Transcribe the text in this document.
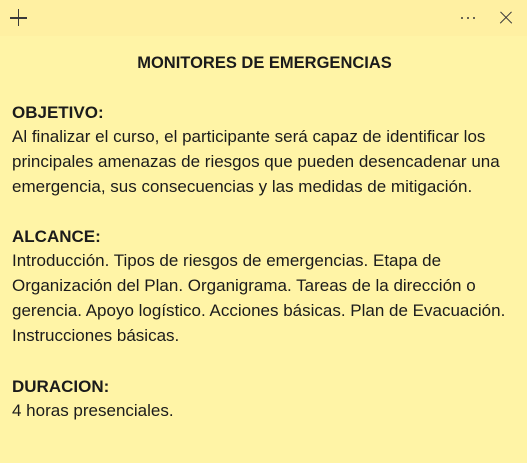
MONITORES DE EMERGENCIAS
OBJETIVO:
Al finalizar el curso, el participante será capaz de identificar los principales amenazas de riesgos que pueden desencadenar una emergencia, sus consecuencias y las medidas de mitigación.
ALCANCE:
Introducción. Tipos de riesgos de emergencias. Etapa de Organización del Plan. Organigrama. Tareas de la dirección o gerencia. Apoyo logístico. Acciones básicas. Plan de Evacuación. Instrucciones básicas.
DURACION:
4 horas presenciales.
